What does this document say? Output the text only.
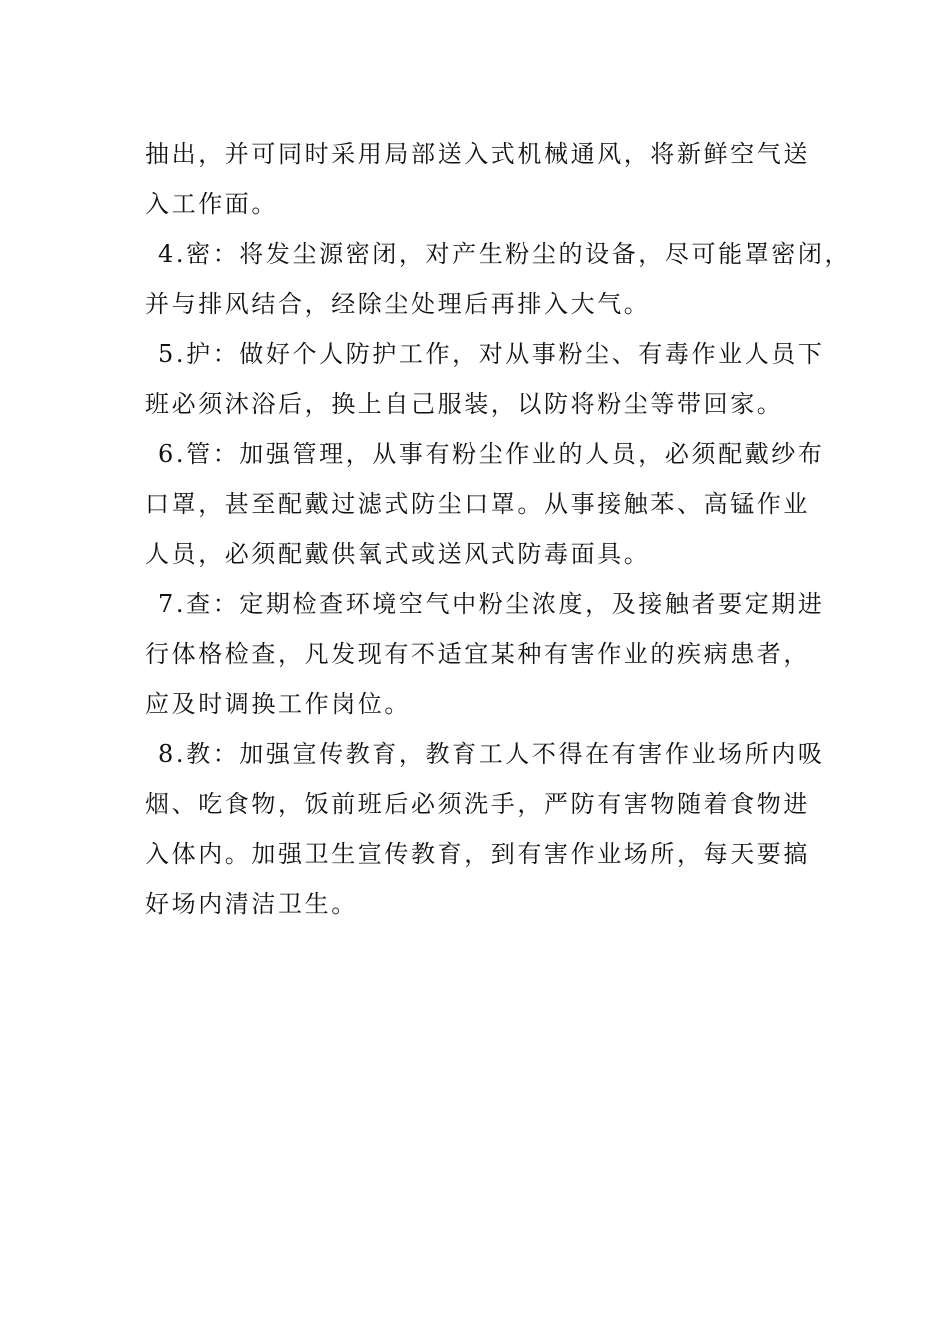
抽出，并可同时采用局部送入式机械通风，将新鲜空气送
入工作面。
4.密：将发尘源密闭，对产生粉尘的设备，尽可能罩密闭，
并与排风结合，经除尘处理后再排入大气。
5.护：做好个人防护工作，对从事粉尘、有毒作业人员下
班必须沐浴后，换上自己服装，以防将粉尘等带回家。
6.管：加强管理，从事有粉尘作业的人员，必须配戴纱布
口罩，甚至配戴过滤式防尘口罩。从事接触苯、高锰作业
人员，必须配戴供氧式或送风式防毒面具。
7.查：定期检查环境空气中粉尘浓度，及接触者要定期进
行体格检查，凡发现有不适宜某种有害作业的疾病患者，
应及时调换工作岗位。
8.教：加强宣传教育，教育工人不得在有害作业场所内吸
烟、吃食物，饭前班后必须洗手，严防有害物随着食物进
入体内。加强卫生宣传教育，到有害作业场所，每天要搞
好场内清洁卫生。
